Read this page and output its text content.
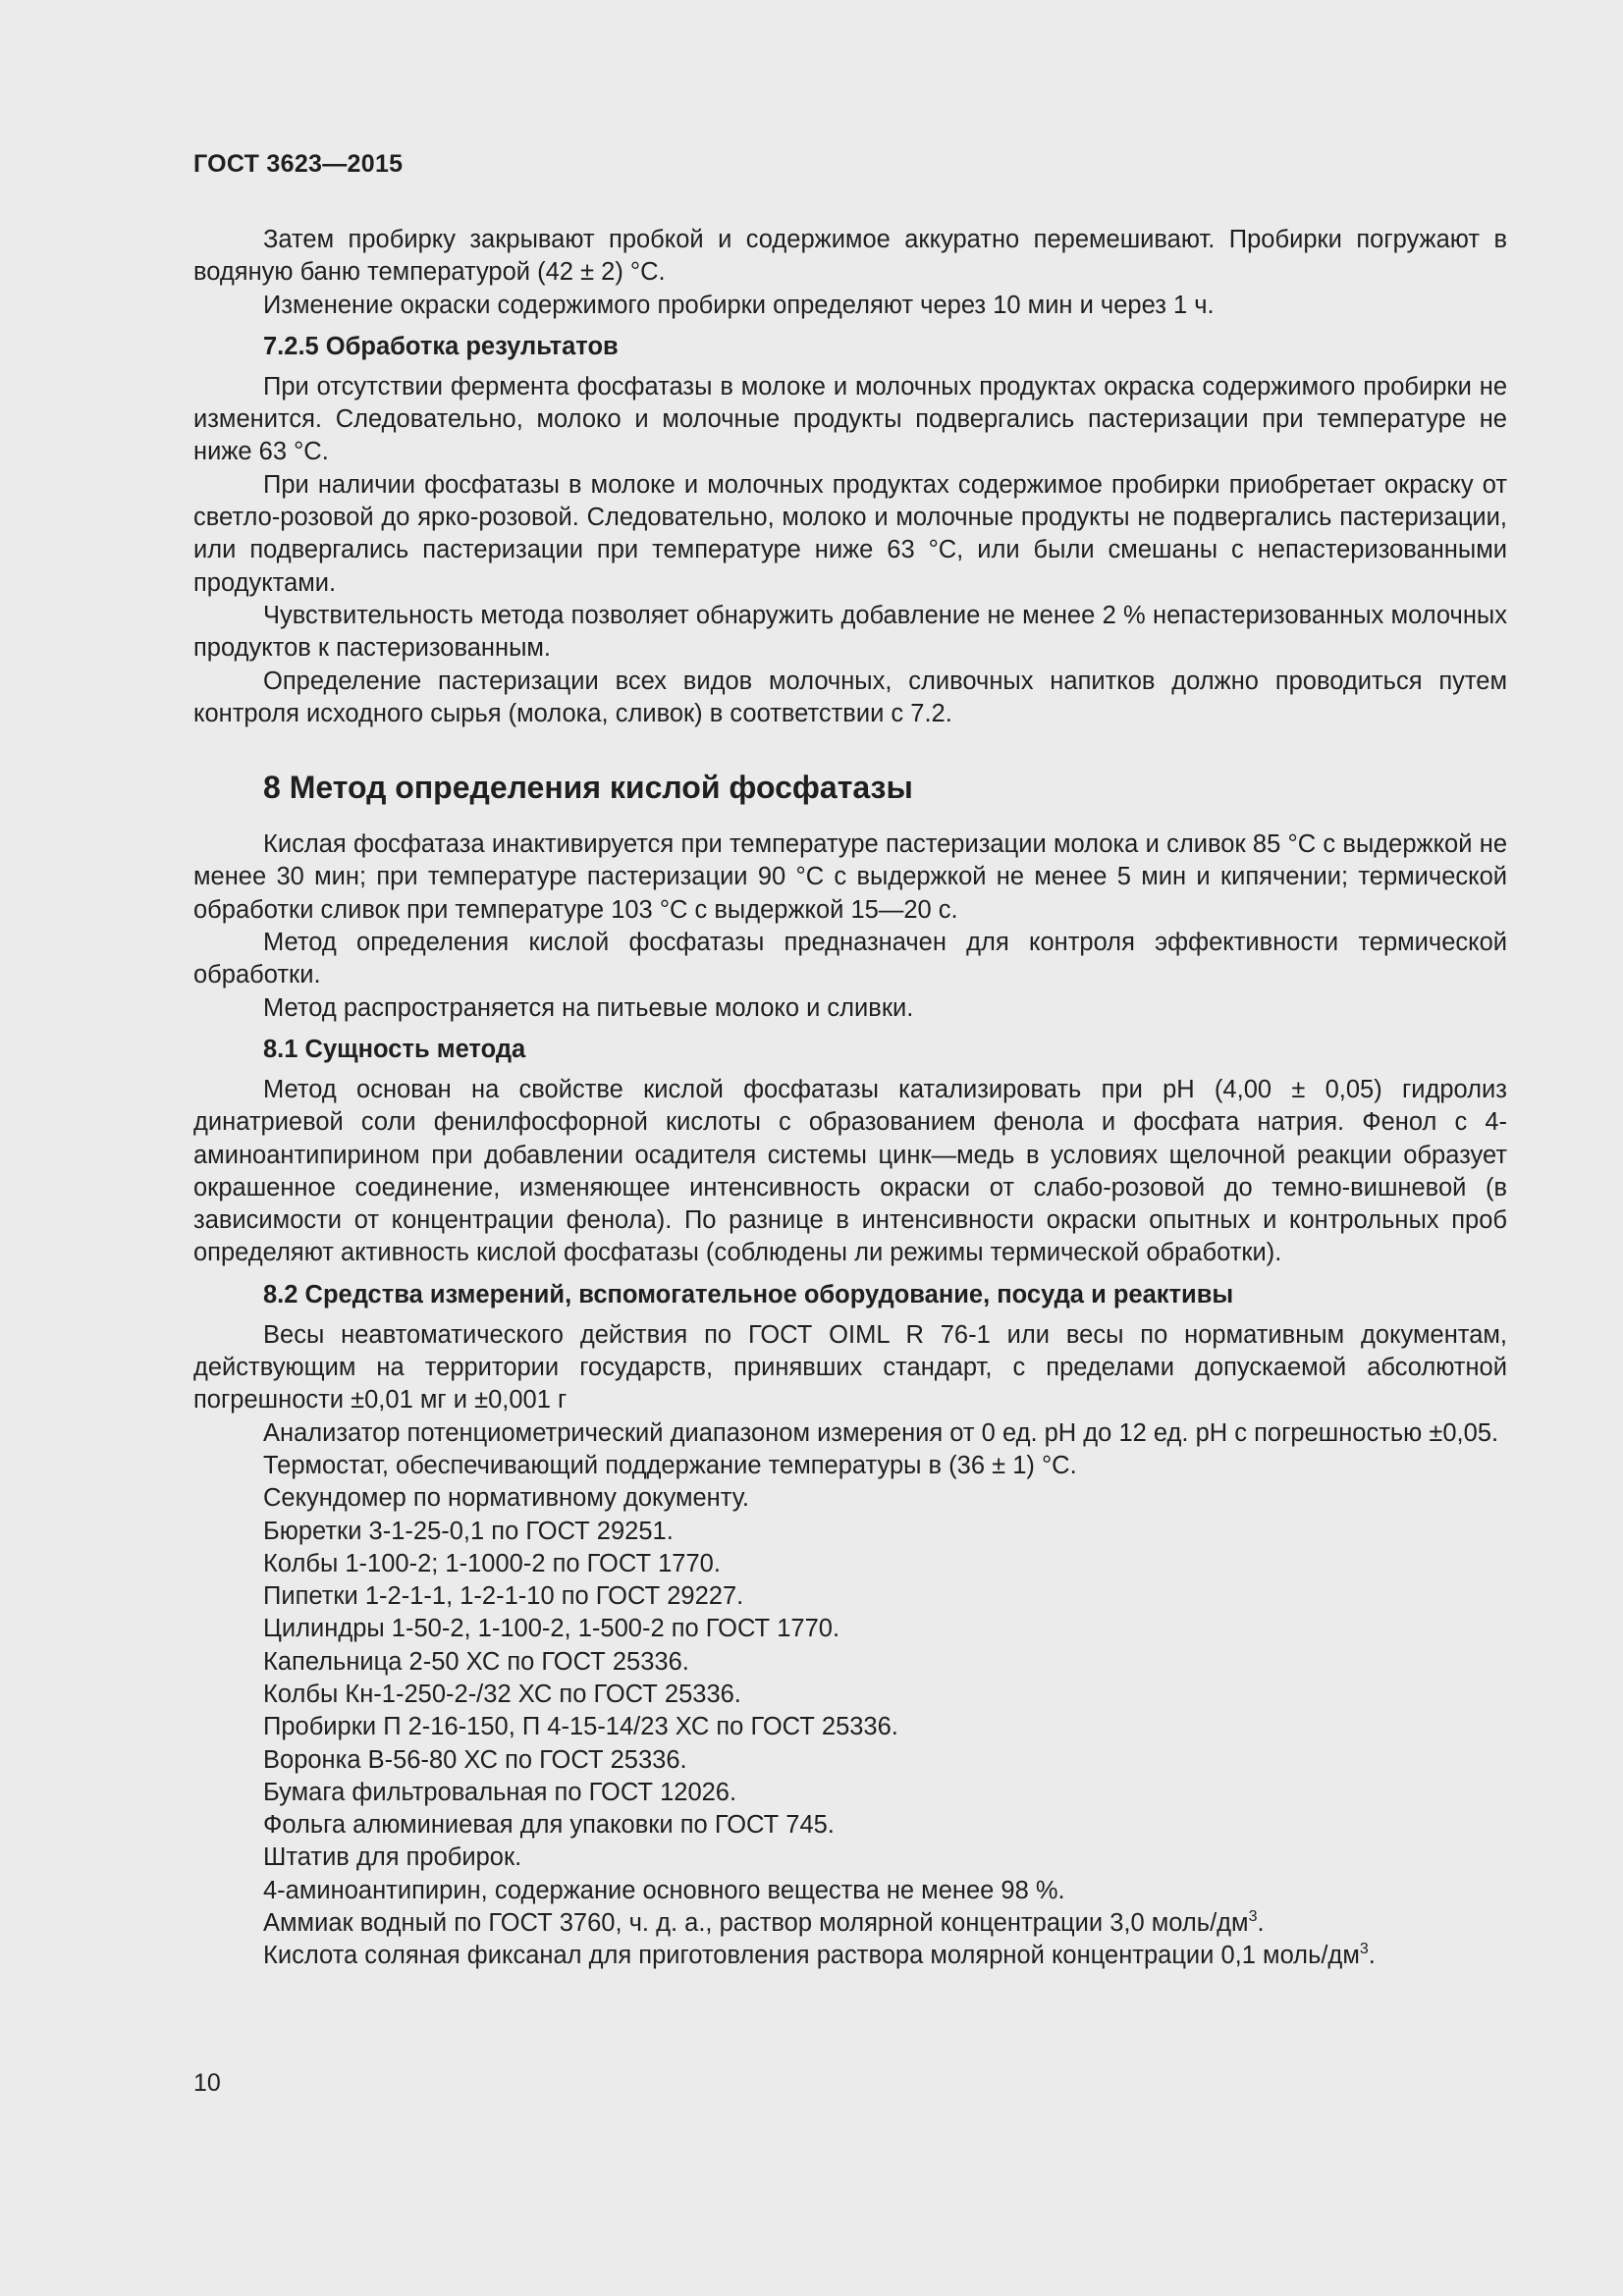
ГОСТ 3623—2015

Затем пробирку закрывают пробкой и содержимое аккуратно перемешивают. Пробирки погружают в водяную баню температурой (42 ± 2) °С.

Изменение окраски содержимого пробирки определяют через 10 мин и через 1 ч.

7.2.5 Обработка результатов

При отсутствии фермента фосфатазы в молоке и молочных продуктах окраска содержимого пробирки не изменится. Следовательно, молоко и молочные продукты подвергались пастеризации при температуре не ниже 63 °С.

При наличии фосфатазы в молоке и молочных продуктах содержимое пробирки приобретает окраску от светло-розовой до ярко-розовой. Следовательно, молоко и молочные продукты не подвергались пастеризации, или подвергались пастеризации при температуре ниже 63 °С, или были смешаны с непастеризованными продуктами.

Чувствительность метода позволяет обнаружить добавление не менее 2 % непастеризованных молочных продуктов к пастеризованным.

Определение пастеризации всех видов молочных, сливочных напитков должно проводиться путем контроля исходного сырья (молока, сливок) в соответствии с 7.2.

8 Метод определения кислой фосфатазы

Кислая фосфатаза инактивируется при температуре пастеризации молока и сливок 85 °С с выдержкой не менее 30 мин; при температуре пастеризации 90 °С с выдержкой не менее 5 мин и кипячении; термической обработки сливок при температуре 103 °С с выдержкой 15—20 с.

Метод определения кислой фосфатазы предназначен для контроля эффективности термической обработки.

Метод распространяется на питьевые молоко и сливки.

8.1 Сущность метода

Метод основан на свойстве кислой фосфатазы катализировать при рН (4,00 ± 0,05) гидролиз динатриевой соли фенилфосфорной кислоты с образованием фенола и фосфата натрия. Фенол с 4-аминоантипирином при добавлении осадителя системы цинк—медь в условиях щелочной реакции образует окрашенное соединение, изменяющее интенсивность окраски от слабо-розовой до темно-вишневой (в зависимости от концентрации фенола). По разнице в интенсивности окраски опытных и контрольных проб определяют активность кислой фосфатазы (соблюдены ли режимы термической обработки).

8.2 Средства измерений, вспомогательное оборудование, посуда и реактивы

Весы неавтоматического действия по ГОСТ OIML R 76-1 или весы по нормативным документам, действующим на территории государств, принявших стандарт, с пределами допускаемой абсолютной погрешности ±0,01 мг и ±0,001 г

Анализатор потенциометрический диапазоном измерения от 0 ед. рН до 12 ед. рН с погрешностью ±0,05.

Термостат, обеспечивающий поддержание температуры в (36 ± 1) °С.

Секундомер по нормативному документу.

Бюретки 3-1-25-0,1 по ГОСТ 29251.

Колбы 1-100-2; 1-1000-2 по ГОСТ 1770.

Пипетки 1-2-1-1, 1-2-1-10 по ГОСТ 29227.

Цилиндры 1-50-2, 1-100-2, 1-500-2 по ГОСТ 1770.

Капельница 2-50 ХС по ГОСТ 25336.

Колбы Кн-1-250-2-/32 ХС по ГОСТ 25336.

Пробирки П 2-16-150, П 4-15-14/23 ХС по ГОСТ 25336.

Воронка В-56-80 ХС по ГОСТ 25336.

Бумага фильтровальная по ГОСТ 12026.

Фольга алюминиевая для упаковки по ГОСТ 745.

Штатив для пробирок.

4-аминоантипирин, содержание основного вещества не менее 98 %.

Аммиак водный по ГОСТ 3760, ч. д. а., раствор молярной концентрации 3,0 моль/$дм^3$.

Кислота соляная фиксанал для приготовления раствора молярной концентрации 0,1 моль/$дм^3$.

10
